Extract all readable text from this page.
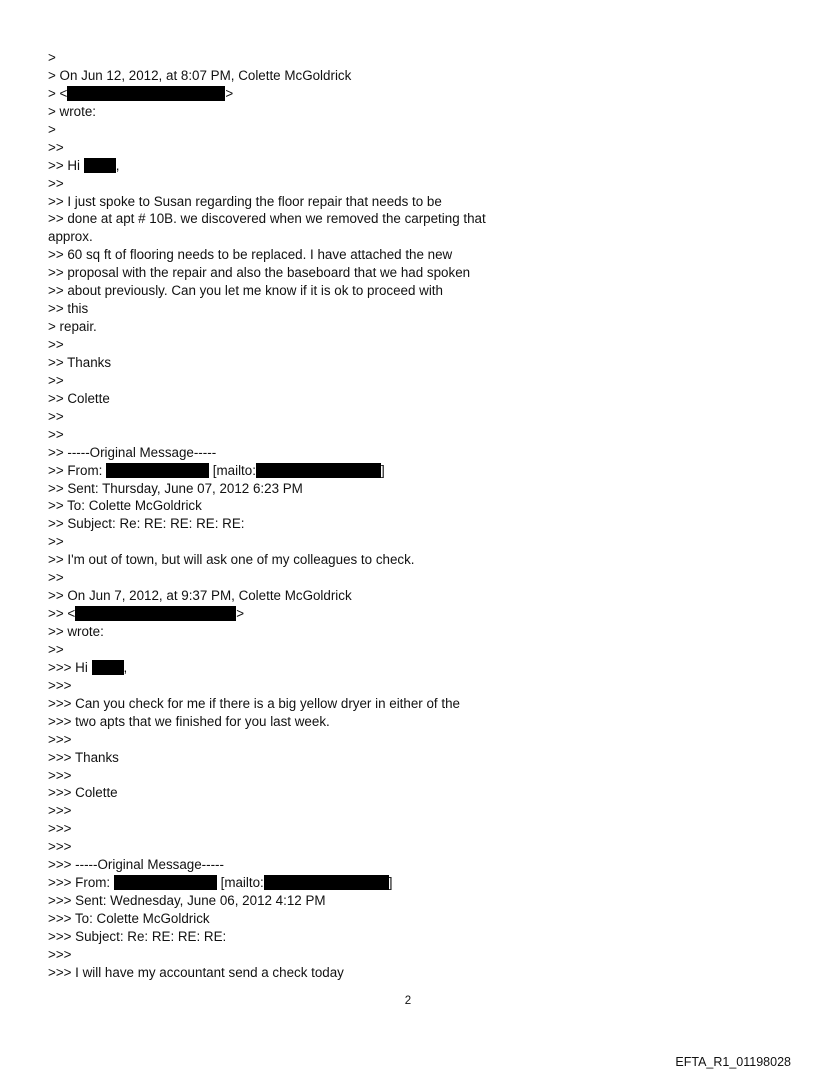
>
> On Jun 12, 2012, at 8:07 PM, Colette McGoldrick
> <	>
> wrote:
>
>>
>> Hi ,
>>
>> I just spoke to Susan regarding the floor repair that needs to be
>> done at apt # 10B. we discovered when we removed the carpeting that
approx.
>> 60 sq ft of flooring needs to be replaced. I have attached the new
>> proposal with the repair and also the baseboard that we had spoken
>> about previously. Can you let me know if it is ok to proceed with
>> this
> repair.
>>
>> Thanks
>>
>> Colette
>>
>>
>> -----Original Message-----
>> From:	[mailto:	]
>> Sent: Thursday, June 07, 2012 6:23 PM
>> To: Colette McGoldrick
>> Subject: Re: RE: RE: RE: RE:
>>
>> I'm out of town, but will ask one of my colleagues to check.
>>
>> On Jun 7, 2012, at 9:37 PM, Colette McGoldrick
>> <	>
>> wrote:
>>
>>> Hi ,
>>>
>>> Can you check for me if there is a big yellow dryer in either of the
>>> two apts that we finished for you last week.
>>>
>>> Thanks
>>>
>>> Colette
>>>
>>>
>>>
>>> -----Original Message-----
>>> From:	[mailto:	]
>>> Sent: Wednesday, June 06, 2012 4:12 PM
>>> To: Colette McGoldrick
>>> Subject: Re: RE: RE: RE:
>>>
>>> I will have my accountant send a check today
2
EFTA_R1_01198028
